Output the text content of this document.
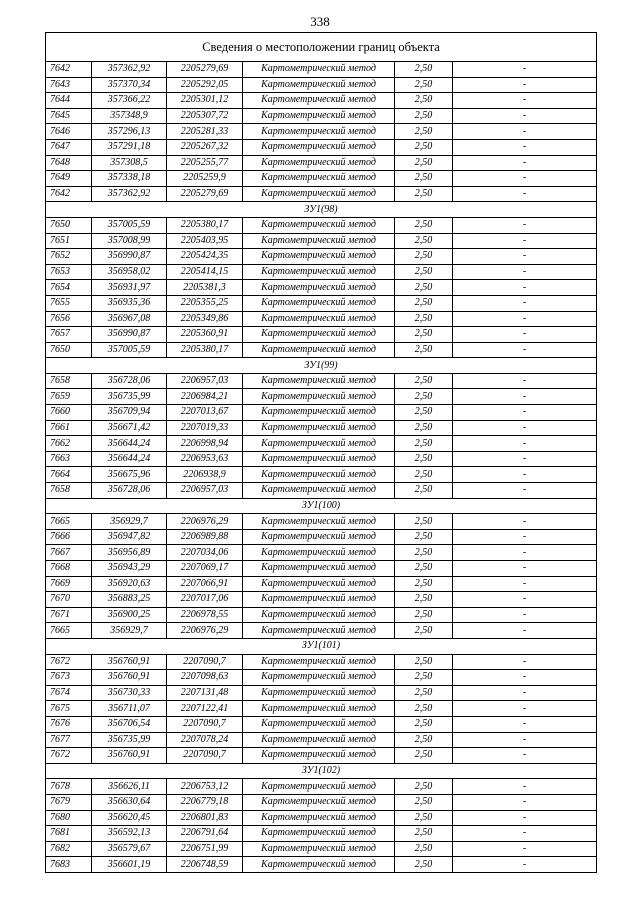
338
Сведения о местоположении границ объекта					
7642	357362,92	2205279,69	Картометрический метод	2,50	-
7643	357370,34	2205292,05	Картометрический метод	2,50	-
7644	357366,22	2205301,12	Картометрический метод	2,50	-
7645	357348,9	2205307,72	Картометрический метод	2,50	-
7646	357296,13	2205281,33	Картометрический метод	2,50	-
7647	357291,18	2205267,32	Картометрический метод	2,50	-
7648	357308,5	2205255,77	Картометрический метод	2,50	-
7649	357338,18	2205259,9	Картометрический метод	2,50	-
7642	357362,92	2205279,69	Картометрический метод	2,50	-
ЗУ1(98)					
7650	357005,59	2205380,17	Картометрический метод	2,50	-
7651	357008,99	2205403,95	Картометрический метод	2,50	-
7652	356990,87	2205424,35	Картометрический метод	2,50	-
7653	356958,02	2205414,15	Картометрический метод	2,50	-
7654	356931,97	2205381,3	Картометрический метод	2,50	-
7655	356935,36	2205355,25	Картометрический метод	2,50	-
7656	356967,08	2205349,86	Картометрический метод	2,50	-
7657	356990,87	2205360,91	Картометрический метод	2,50	-
7650	357005,59	2205380,17	Картометрический метод	2,50	-
ЗУ1(99)					
7658	356728,06	2206957,03	Картометрический метод	2,50	-
7659	356735,99	2206984,21	Картометрический метод	2,50	-
7660	356709,94	2207013,67	Картометрический метод	2,50	-
7661	356671,42	2207019,33	Картометрический метод	2,50	-
7662	356644,24	2206998,94	Картометрический метод	2,50	-
7663	356644,24	2206953,63	Картометрический метод	2,50	-
7664	356675,96	2206938,9	Картометрический метод	2,50	-
7658	356728,06	2206957,03	Картометрический метод	2,50	-
ЗУ1(100)					
7665	356929,7	2206976,29	Картометрический метод	2,50	-
7666	356947,82	2206989,88	Картометрический метод	2,50	-
7667	356956,89	2207034,06	Картометрический метод	2,50	-
7668	356943,29	2207069,17	Картометрический метод	2,50	-
7669	356920,63	2207066,91	Картометрический метод	2,50	-
7670	356883,25	2207017,06	Картометрический метод	2,50	-
7671	356900,25	2206978,55	Картометрический метод	2,50	-
7665	356929,7	2206976,29	Картометрический метод	2,50	-
ЗУ1(101)					
7672	356760,91	2207090,7	Картометрический метод	2,50	-
7673	356760,91	2207098,63	Картометрический метод	2,50	-
7674	356730,33	2207131,48	Картометрический метод	2,50	-
7675	356711,07	2207122,41	Картометрический метод	2,50	-
7676	356706,54	2207090,7	Картометрический метод	2,50	-
7677	356735,99	2207078,24	Картометрический метод	2,50	-
7672	356760,91	2207090,7	Картометрический метод	2,50	-
ЗУ1(102)					
7678	356626,11	2206753,12	Картометрический метод	2,50	-
7679	356630,64	2206779,18	Картометрический метод	2,50	-
7680	356620,45	2206801,83	Картометрический метод	2,50	-
7681	356592,13	2206791,64	Картометрический метод	2,50	-
7682	356579,67	2206751,99	Картометрический метод	2,50	-
7683	356601,19	2206748,59	Картометрический метод	2,50	-
